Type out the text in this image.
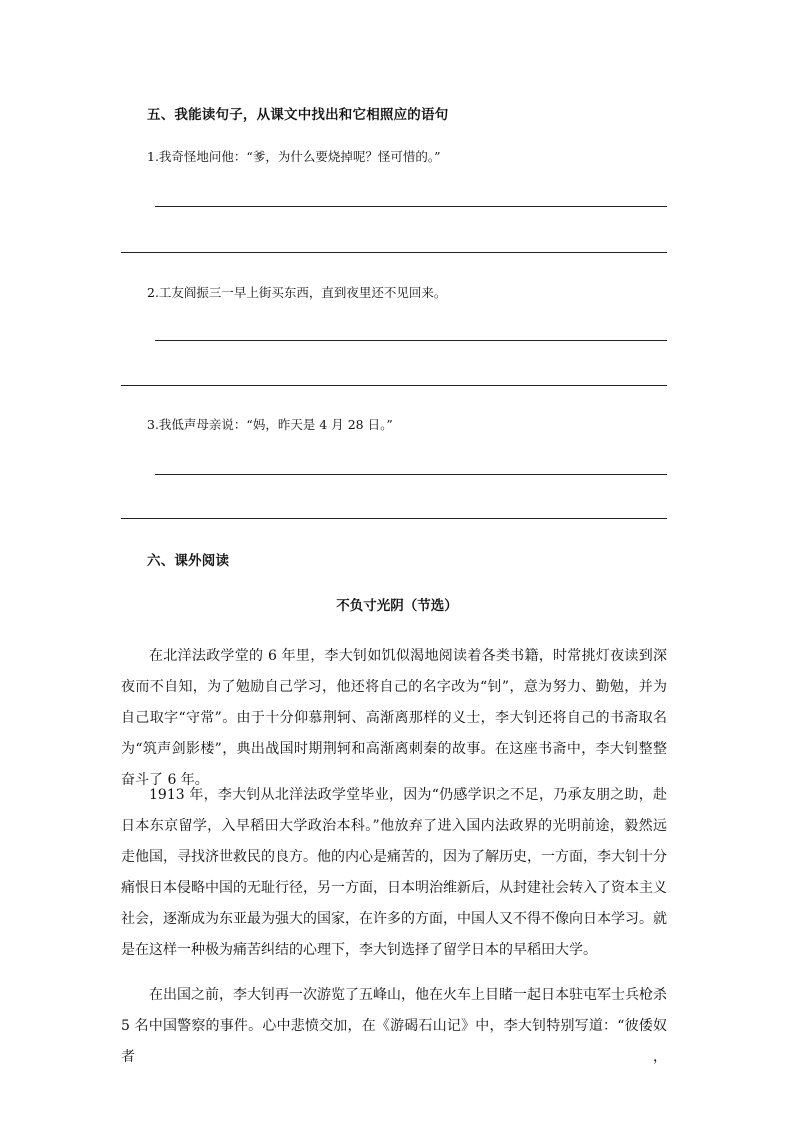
五、我能读句子，从课文中找出和它相照应的语句
1.我奇怪地问他：“爹，为什么要烧掉呢？怪可惜的。”
2.工友阎振三一早上街买东西，直到夜里还不见回来。
3.我低声母亲说：“妈，昨天是 4 月 28 日。”
六、课外阅读
不负寸光阴（节选）

在北洋法政学堂的 6 年里，李大钊如饥似渴地阅读着各类书籍，时常挑灯夜读到深夜而不自知，为了勉励自己学习，他还将自己的名字改为“钊”，意为努力、勤勉，并为自己取字“守常”。由于十分仰慕荆轲、高渐离那样的义士，李大钊还将自己的书斋取名为“筑声剑影楼”，典出战国时期荆轲和高渐离刺秦的故事。在这座书斋中，李大钊整整奋斗了 6 年。

1913 年，李大钊从北洋法政学堂毕业，因为“仍感学识之不足，乃承友朋之助，赴日本东京留学，入早稻田大学政治本科。”他放弃了进入国内法政界的光明前途，毅然远走他国，寻找济世救民的良方。他的内心是痛苦的，因为了解历史，一方面，李大钊十分痛恨日本侵略中国的无耻行径，另一方面，日本明治维新后，从封建社会转入了资本主义社会，逐渐成为东亚最为强大的国家，在许多的方面，中国人又不得不像向日本学习。就是在这样一种极为痛苦纠结的心理下，李大钊选择了留学日本的早稻田大学。

在出国之前，李大钊再一次游览了五峰山，他在火车上目睹一起日本驻屯军士兵枪杀 5 名中国警察的事件。心中悲愤交加，在《游碣石山记》中，李大钊特别写道：“彼倭奴者，
